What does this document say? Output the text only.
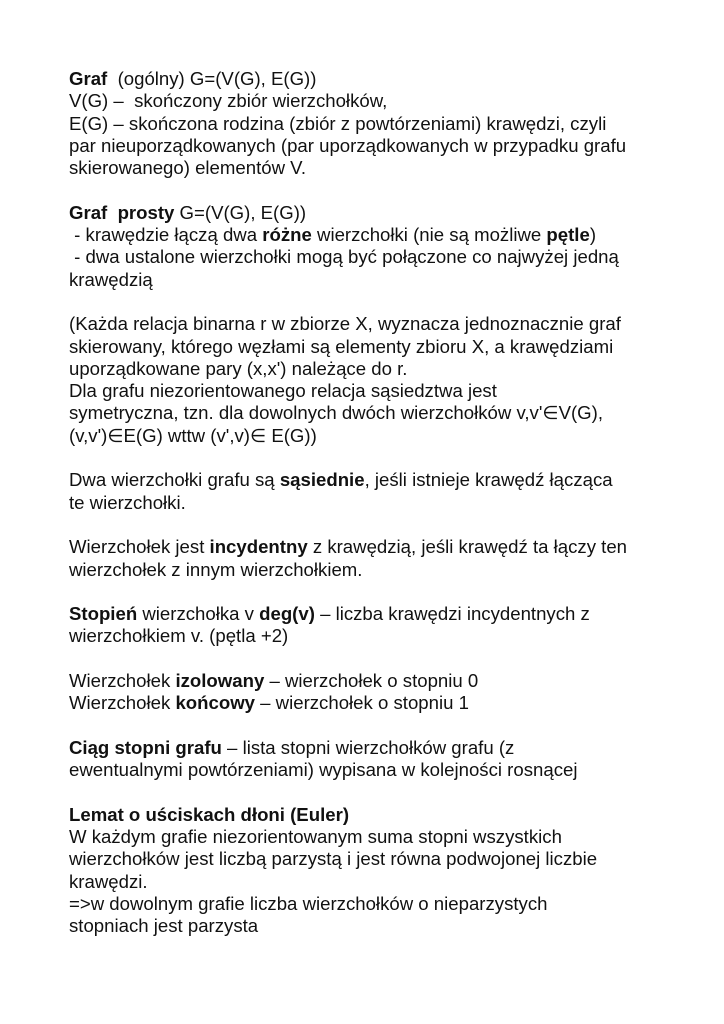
Graf  (ogólny) G=(V(G), E(G))
V(G) –  skończony zbiór wierzchołków,
E(G) – skończona rodzina (zbiór z powtórzeniami) krawędzi, czyli
par nieuporządkowanych (par uporządkowanych w przypadku grafu
skierowanego) elementów V.
Graf  prosty G=(V(G), E(G))
- krawędzie łączą dwa różne wierzchołki (nie są możliwe pętle)
- dwa ustalone wierzchołki mogą być połączone co najwyżej jedną
krawędzią
(Każda relacja binarna r w zbiorze X, wyznacza jednoznacznie graf
skierowany, którego węzłami są elementy zbioru X, a krawędziami
uporządkowane pary (x,x') należące do r.
Dla grafu niezorientowanego relacja sąsiedztwa jest
symetryczna, tzn. dla dowolnych dwóch wierzchołków v,v'∈V(G),
(v,v')∈E(G) wttw (v',v)∈ E(G))
Dwa wierzchołki grafu są sąsiednie, jeśli istnieje krawędź łącząca
te wierzchołki.
Wierzchołek jest incydentny z krawędzią, jeśli krawędź ta łączy ten
wierzchołek z innym wierzchołkiem.
Stopień wierzchołka v deg(v) – liczba krawędzi incydentnych z
wierzchołkiem v. (pętla +2)
Wierzchołek izolowany – wierzchołek o stopniu 0
Wierzchołek końcowy – wierzchołek o stopniu 1
Ciąg stopni grafu – lista stopni wierzchołków grafu (z
ewentualnymi powtórzeniami) wypisana w kolejności rosnącej
Lemat o uściskach dłoni (Euler)
W każdym grafie niezorientowanym suma stopni wszystkich
wierzchołków jest liczbą parzystą i jest równa podwojonej liczbie
krawędzi.
=>w dowolnym grafie liczba wierzchołków o nieparzystych
stopniach jest parzysta
